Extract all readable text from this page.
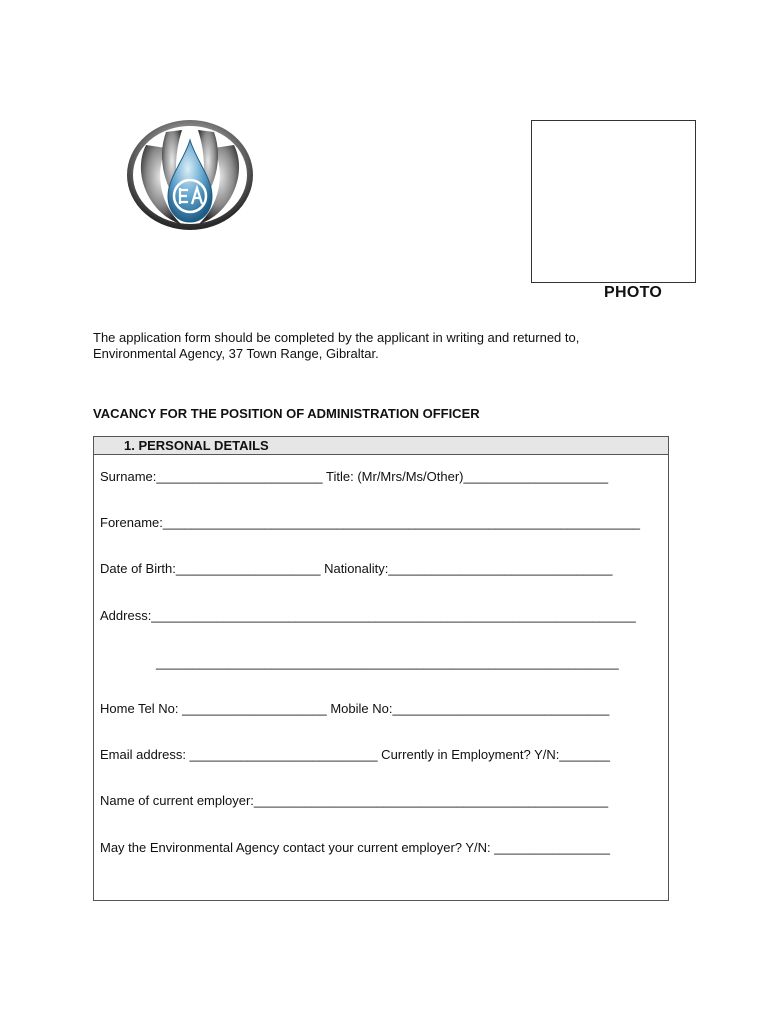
PHOTO
The application form should be completed by the applicant in writing and returned to,
Environmental Agency, 37 Town Range, Gibraltar.
VACANCY FOR THE POSITION OF ADMINISTRATION OFFICER
1. PERSONAL DETAILS
Surname:_______________________ Title: (Mr/Mrs/Ms/Other)____________________
Forename:__________________________________________________________________
Date of Birth:____________________ Nationality:_______________________________
Address:___________________________________________________________________
________________________________________________________________
Home Tel No: ____________________ Mobile No:______________________________
Email address: __________________________ Currently in Employment? Y/N:_______
Name of current employer:_________________________________________________
May the Environmental Agency contact your current employer? Y/N: ________________
